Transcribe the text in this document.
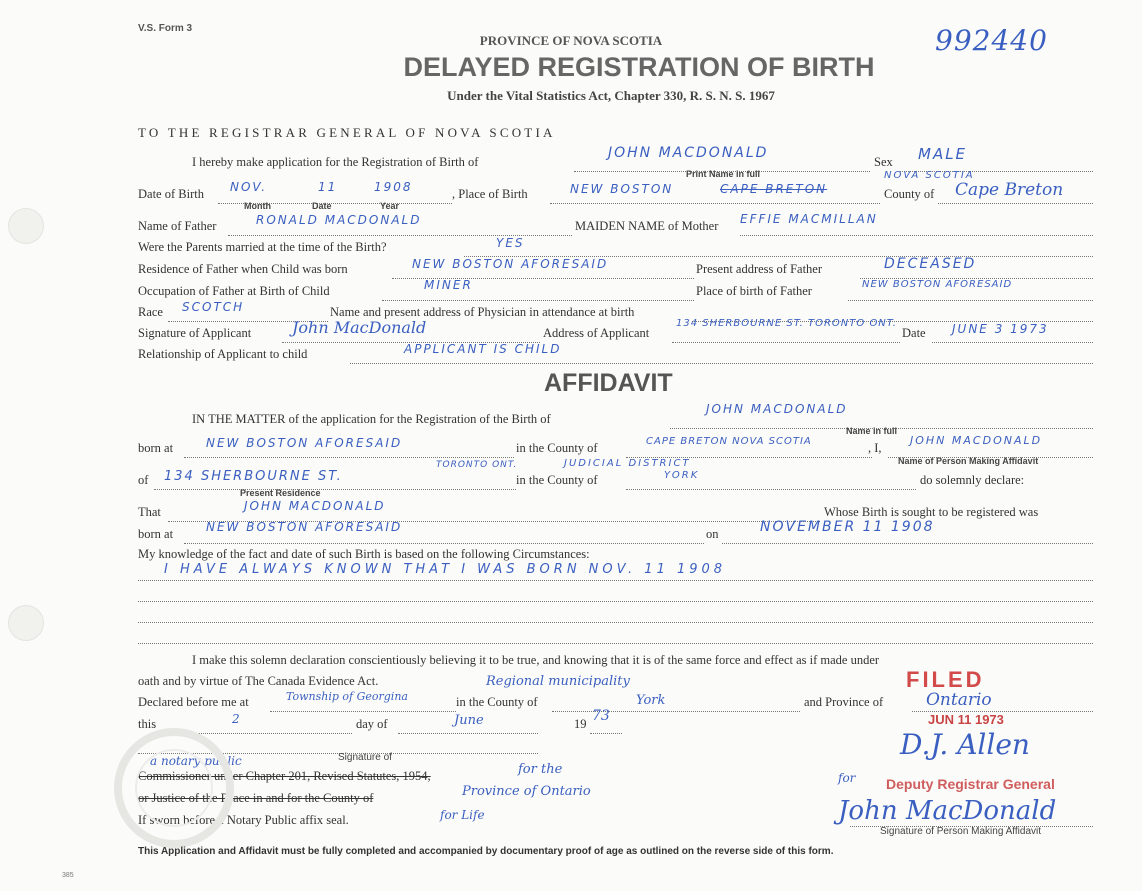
V.S. Form 3	992440
PROVINCE OF NOVA SCOTIA
DELAYED REGISTRATION OF BIRTH
Under the Vital Statistics Act, Chapter 330, R. S. N. S. 1967
TO THE REGISTRAR GENERAL OF NOVA SCOTIA
I hereby make application for the Registration of Birth of
JOHN MACDONALD
Print Name in full
Sex MALE
Date of Birth NOV.	11	1908
Month	Date	Year
, Place of Birth	NEW BOSTON	CAPE BRETON
NOVA SCOTIA
County of Cape Breton
Name of Father	RONALD MACDONALD	MAIDEN NAME of Mother EFFIE MACMILLAN
Were the Parents married at the time of the Birth?	YES
Residence of Father when Child was born	NEW BOSTON AFORESAID	Present address of Father	DECEASED
Occupation of Father at Birth of Child	MINER	Place of birth of Father	NEW BOSTON AFORESAID
Race SCOTCH	Name and present address of Physician in attendance at birth
Signature of Applicant	John MacDonald	Address of Applicant
134 SHERBOURNE ST. TORONTO ONT.
Date JUNE 3 1973
Relationship of Applicant to child	APPLICANT IS CHILD
AFFIDAVIT
IN THE MATTER of the application for the Registration of the Birth of
JOHN MACDONALD
Name in full
born at	NEW BOSTON AFORESAID	in the County of	CAPE BRETON NOVA SCOTIA	, I,
JOHN MACDONALD
Name of Person Making Affidavit
of 134 SHERBOURNE ST.
TORONTO ONT.	JUDICIAL DISTRICT
Present Residence
in the County of	YORK	do solemnly declare:
That	JOHN MACDONALD	Whose Birth is sought to be registered was
born at	NEW BOSTON AFORESAID	on	NOVEMBER 11 1908
My knowledge of the fact and date of such Birth is based on the following Circumstances:
I HAVE ALWAYS KNOWN THAT I WAS BORN NOV. 11 1908
I make this solemn declaration conscientiously believing it to be true, and knowing that it is of the same force and effect as if made under
oath and by virtue of The Canada Evidence Act.	Regional municipality	FILED
Declared before me at	Township of Georgina	in the County of	York	and Province of	Ontario
this	2	day of	June	19 73	JUN 11 1973
Signature of
a notary public
Commissioner under Chapter 201, Revised Statutes, 1954,	for the
or Justice of the Peace in and for the County of	Province of Ontario
If sworn before a Notary Public affix seal.	for Life
D.J. Allen
for Deputy Registrar General
John MacDonald
Signature of Person Making Affidavit
This Application and Affidavit must be fully completed and accompanied by documentary proof of age as outlined on the reverse side of this form.
385
